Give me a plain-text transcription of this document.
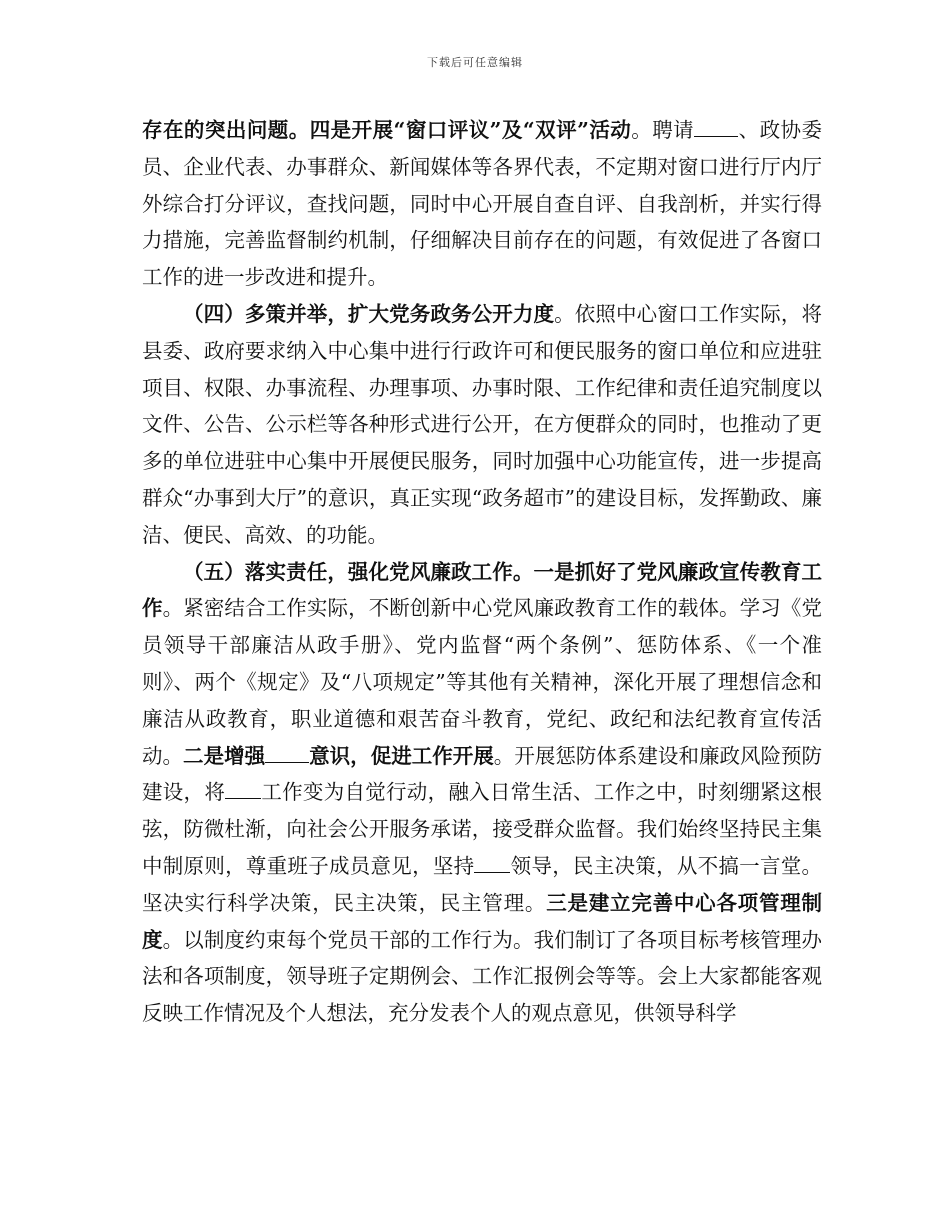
下载后可任意编辑

存在的突出问题。四是开展“窗口评议”及“双评”活动。聘请 、政协委员、企业代表、办事群众、新闻媒体等各界代表，不定期对窗口进行厅内厅外综合打分评议，查找问题，同时中心开展自查自评、自我剖析，并实行得力措施，完善监督制约机制，仔细解决目前存在的问题，有效促进了各窗口工作的进一步改进和提升。

（四）多策并举，扩大党务政务公开力度。依照中心窗口工作实际，将县委、政府要求纳入中心集中进行行政许可和便民服务的窗口单位和应进驻项目、权限、办事流程、办理事项、办事时限、工作纪律和责任追究制度以文件、公告、公示栏等各种形式进行公开，在方便群众的同时，也推动了更多的单位进驻中心集中开展便民服务，同时加强中心功能宣传，进一步提高群众“办事到大厅”的意识，真正实现“政务超市”的建设目标，发挥勤政、廉洁、便民、高效、的功能。

（五）落实责任，强化党风廉政工作。一是抓好了党风廉政宣传教育工作。紧密结合工作实际，不断创新中心党风廉政教育工作的载体。学习《党员领导干部廉洁从政手册》、党内监督“两个条例”、惩防体系、《一个准则》、两个《规定》及“八项规定”等其他有关精神，深化开展了理想信念和廉洁从政教育，职业道德和艰苦奋斗教育，党纪、政纪和法纪教育宣传活动。二是增强 意识，促进工作开展。开展惩防体系建设和廉政风险预防建设，将 工作变为自觉行动，融入日常生活、工作之中，时刻绷紧这根弦，防微杜渐，向社会公开服务承诺，接受群众监督。我们始终坚持民主集中制原则，尊重班子成员意见，坚持 领导，民主决策，从不搞一言堂。坚决实行科学决策，民主决策，民主管理。三是建立完善中心各项管理制度。以制度约束每个党员干部的工作行为。我们制订了各项目标考核管理办法和各项制度，领导班子定期例会、工作汇报例会等等。会上大家都能客观反映工作情况及个人想法，充分发表个人的观点意见，供领导科学
